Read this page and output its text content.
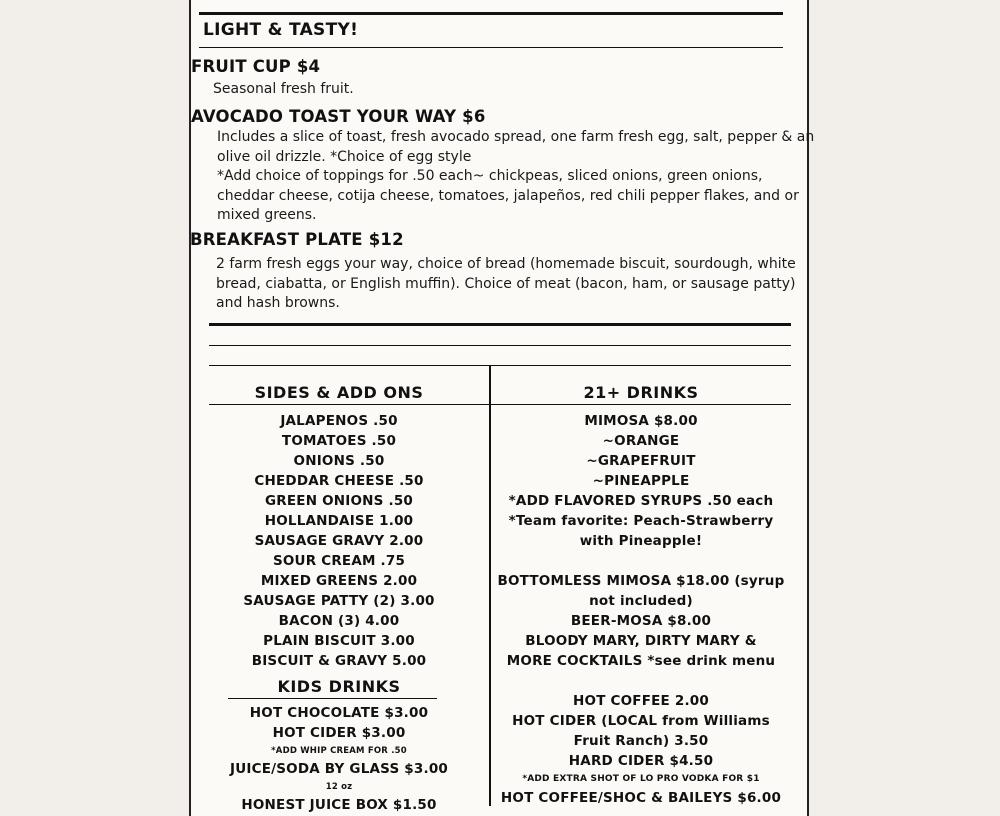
LIGHT & TASTY!
FRUIT CUP $4
Seasonal fresh fruit.
AVOCADO TOAST YOUR WAY $6
Includes a slice of toast, fresh avocado spread, one farm fresh egg, salt, pepper & an
olive oil drizzle. *Choice of egg style
*Add choice of toppings for .50 each~ chickpeas, sliced onions, green onions,
cheddar cheese, cotija cheese, tomatoes, jalapeños, red chili pepper flakes, and or
mixed greens.
BREAKFAST PLATE $12
2 farm fresh eggs your way, choice of bread (homemade biscuit, sourdough, white
bread, ciabatta, or English muffin). Choice of meat (bacon, ham, or sausage patty)
and hash browns.
SIDES & ADD ONS
JALAPENOS .50
TOMATOES .50
ONIONS .50
CHEDDAR CHEESE .50
GREEN ONIONS .50
HOLLANDAISE 1.00
SAUSAGE GRAVY 2.00
SOUR CREAM .75
MIXED GREENS 2.00
SAUSAGE PATTY (2) 3.00
BACON (3) 4.00
PLAIN BISCUIT 3.00
BISCUIT & GRAVY 5.00
KIDS DRINKS
HOT CHOCOLATE $3.00
HOT CIDER $3.00
*ADD WHIP CREAM FOR .50
JUICE/SODA BY GLASS $3.00
12 oz
HONEST JUICE BOX $1.50
21+ DRINKS
MIMOSA $8.00
~ORANGE
~GRAPEFRUIT
~PINEAPPLE
*ADD FLAVORED SYRUPS .50 each
*Team favorite: Peach-Strawberry
with Pineapple!
BOTTOMLESS MIMOSA $18.00 (syrup
not included)
BEER-MOSA $8.00
BLOODY MARY, DIRTY MARY &
MORE COCKTAILS *see drink menu
HOT COFFEE 2.00
HOT CIDER (LOCAL from Williams
Fruit Ranch) 3.50
HARD CIDER $4.50
*ADD EXTRA SHOT OF LO PRO VODKA FOR $1
HOT COFFEE/SHOC & BAILEYS $6.00
